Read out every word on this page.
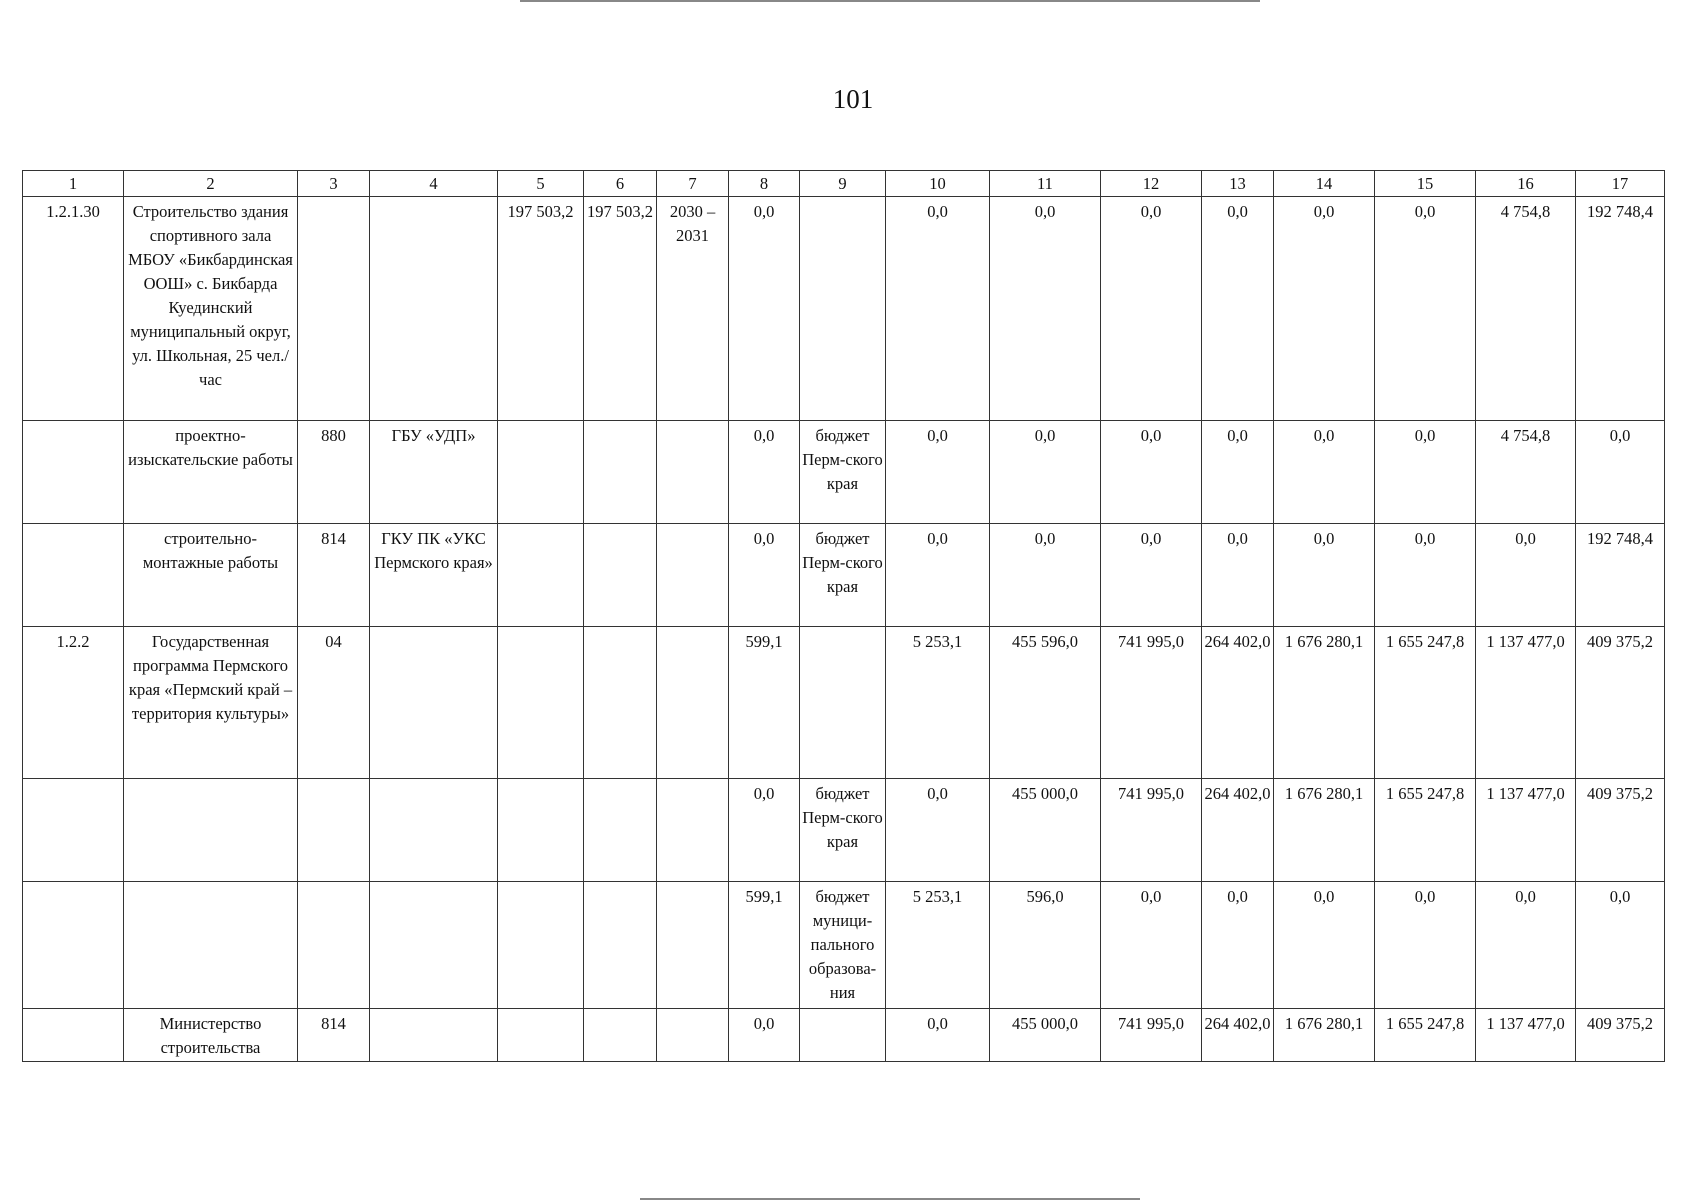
101
1	2	3	4	5	6	7	8	9	10	11	12	13	14	15	16	17
1.2.1.30	Строительство здания спортивного зала МБОУ «Бикбардинская ООШ» с. Бикбарда Куединский муниципальный округ, ул. Школьная, 25 чел./час			197 503,2	197 503,2	2030 – 2031	0,0		0,0	0,0	0,0	0,0	0,0	0,0	4 754,8	192 748,4
	проектно-изыскательские работы	880	ГБУ «УДП»				0,0	бюджет Перм-ского края	0,0	0,0	0,0	0,0	0,0	0,0	4 754,8	0,0
	строительно-монтажные работы	814	ГКУ ПК «УКС Пермского края»				0,0	бюджет Перм-ского края	0,0	0,0	0,0	0,0	0,0	0,0	0,0	192 748,4
1.2.2	Государственная программа Пермского края «Пермский край – территория культуры»	04					599,1		5 253,1	455 596,0	741 995,0	264 402,0	1 676 280,1	1 655 247,8	1 137 477,0	409 375,2
							0,0	бюджет Перм-ского края	0,0	455 000,0	741 995,0	264 402,0	1 676 280,1	1 655 247,8	1 137 477,0	409 375,2
							599,1	бюджет муници-пального образова-ния	5 253,1	596,0	0,0	0,0	0,0	0,0	0,0	0,0
	Министерство строительства	814					0,0		0,0	455 000,0	741 995,0	264 402,0	1 676 280,1	1 655 247,8	1 137 477,0	409 375,2
